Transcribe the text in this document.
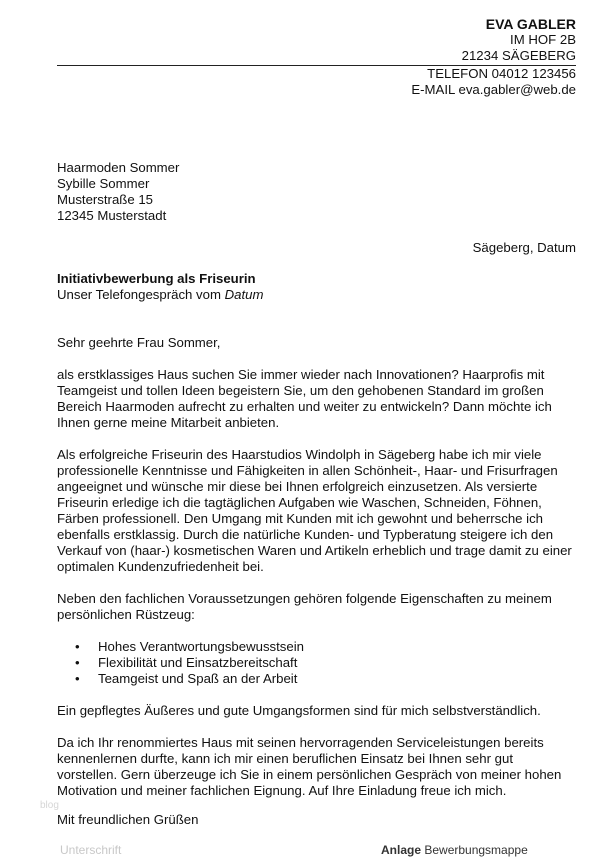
EVA GABLER
IM HOF 2B
21234 SÄGEBERG
TELEFON 04012 123456
E-MAIL eva.gabler@web.de
Haarmoden Sommer
Sybille Sommer
Musterstraße 15
12345 Musterstadt
Sägeberg, Datum
Initiativbewerbung als Friseurin
Unser Telefongespräch vom Datum

Sehr geehrte Frau Sommer,

als erstklassiges Haus suchen Sie immer wieder nach Innovationen? Haarprofis mit Teamgeist und tollen Ideen begeistern Sie, um den gehobenen Standard im großen Bereich Haarmoden aufrecht zu erhalten und weiter zu entwickeln? Dann möchte ich Ihnen gerne meine Mitarbeit anbieten.

Als erfolgreiche Friseurin des Haarstudios Windolph in Sägeberg habe ich mir viele professionelle Kenntnisse und Fähigkeiten in allen Schönheit-, Haar- und Frisurfragen angeeignet und wünsche mir diese bei Ihnen erfolgreich einzusetzen. Als versierte Friseurin erledige ich die tagtäglichen Aufgaben wie Waschen, Schneiden, Föhnen, Färben professionell. Den Umgang mit Kunden mit ich gewohnt und beherrsche ich ebenfalls erstklassig. Durch die natürliche Kunden- und Typberatung steigere ich den Verkauf von (haar-) kosmetischen Waren und Artikeln erheblich und trage damit zu einer optimalen Kundenzufriedenheit bei.

Neben den fachlichen Voraussetzungen gehören folgende Eigenschaften zu meinem persönlichen Rüstzeug:

• Hohes Verantwortungsbewusstsein
• Flexibilität und Einsatzbereitschaft
• Teamgeist und Spaß an der Arbeit

Ein gepflegtes Äußeres und gute Umgangsformen sind für mich selbstverständlich.

Da ich Ihr renommiertes Haus mit seinen hervorragenden Serviceleistungen bereits kennenlernen durfte, kann ich mir einen beruflichen Einsatz bei Ihnen sehr gut vorstellen. Gern überzeuge ich Sie in einem persönlichen Gespräch von meiner hohen Motivation und meiner fachlichen Eignung. Auf Ihre Einladung freue ich mich.

blog
Mit freundlichen Grüßen
Unterschrift	Anlage Bewerbungsmappe
